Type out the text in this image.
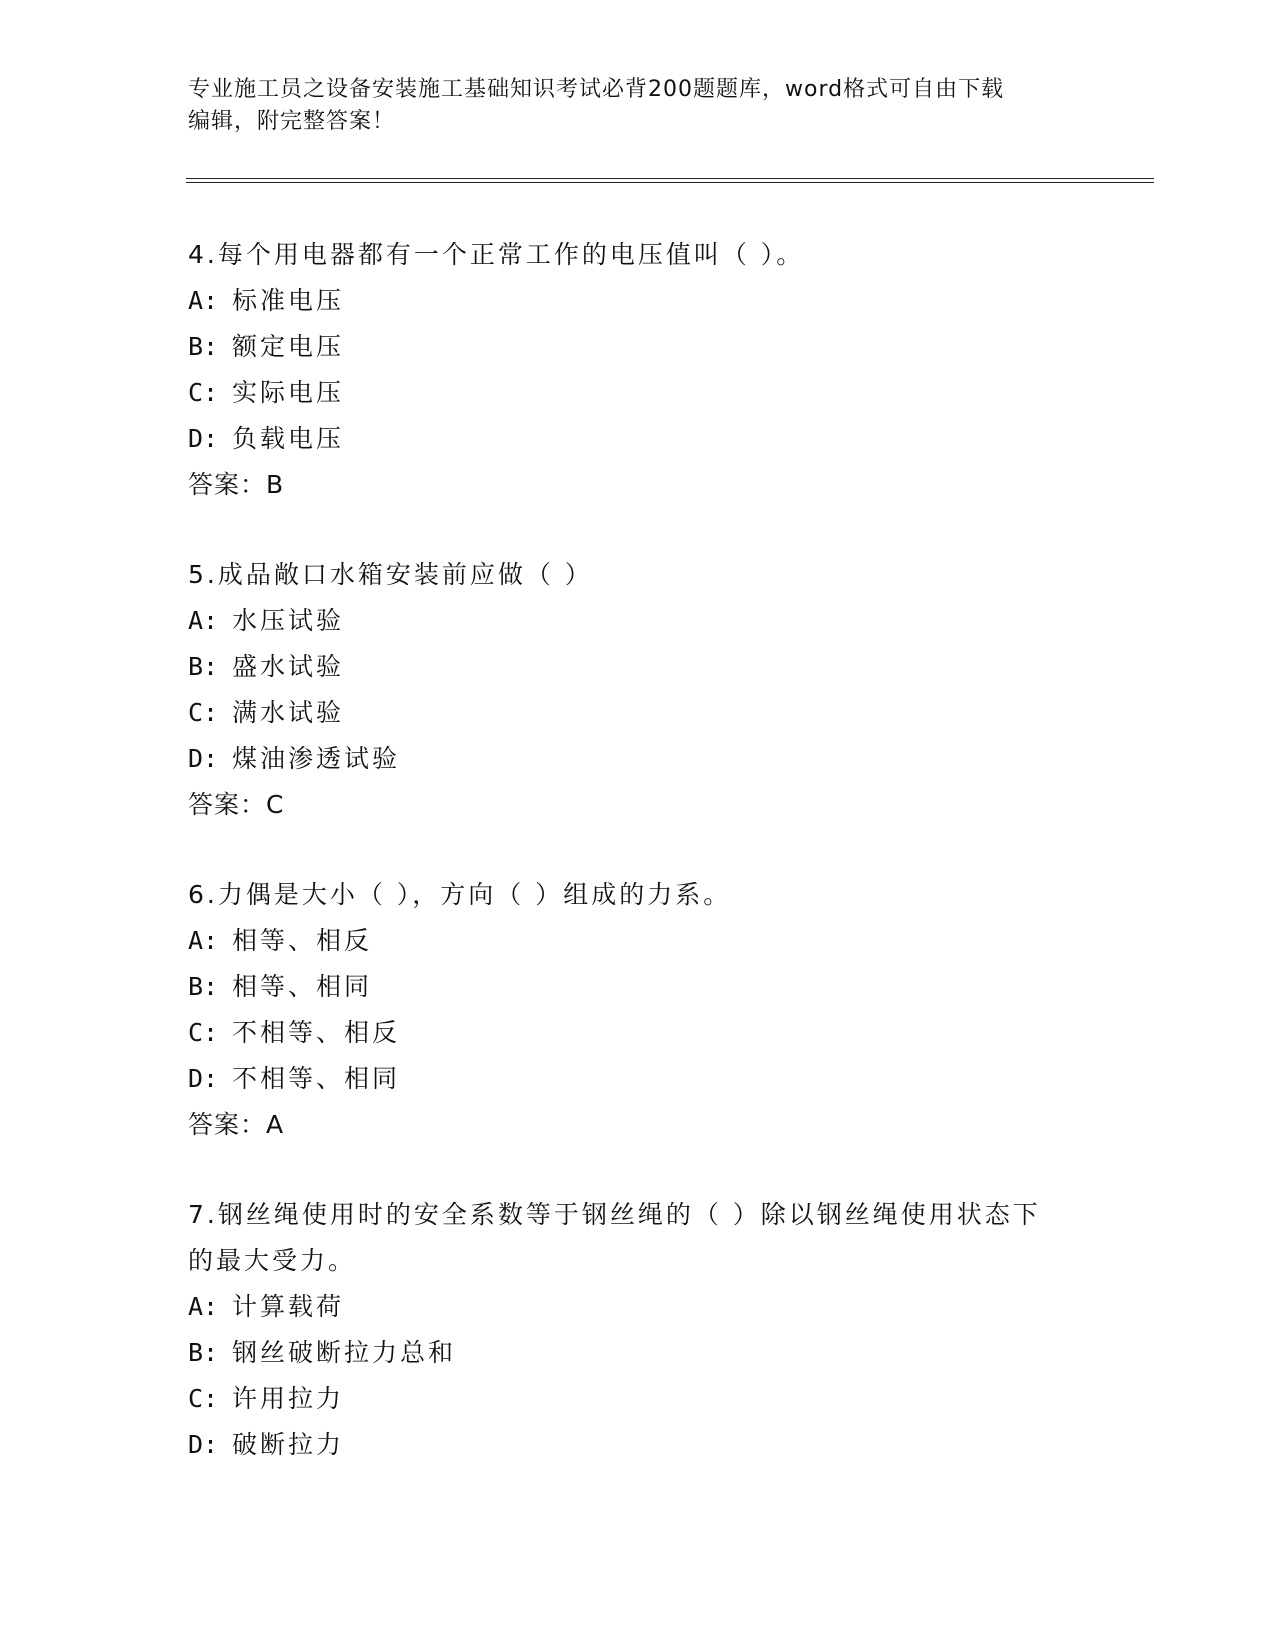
专业施工员之设备安装施工基础知识考试必背200题题库，word格式可自由下载
编辑，附完整答案！
4.每个用电器都有一个正常工作的电压值叫（ ）。
A: 标准电压
B: 额定电压
C: 实际电压
D: 负载电压
答案：B
5.成品敞口水箱安装前应做（ ）
A: 水压试验
B: 盛水试验
C: 满水试验
D: 煤油渗透试验
答案：C
6.力偶是大小（ ），方向（ ）组成的力系。
A: 相等、相反
B: 相等、相同
C: 不相等、相反
D: 不相等、相同
答案：A
7.钢丝绳使用时的安全系数等于钢丝绳的（ ）除以钢丝绳使用状态下
的最大受力。
A: 计算载荷
B: 钢丝破断拉力总和
C: 许用拉力
D: 破断拉力
